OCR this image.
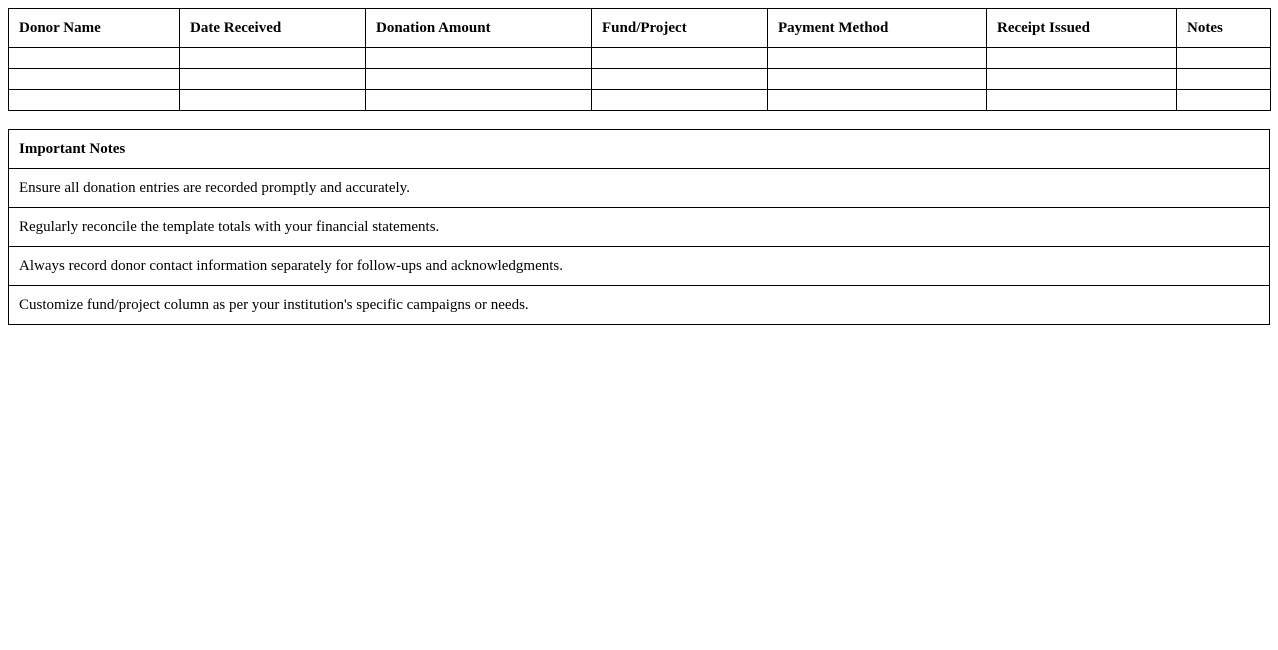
Donor Name	Date Received	Donation Amount	Fund/Project	Payment Method	Receipt Issued	Notes

Important Notes
Ensure all donation entries are recorded promptly and accurately.
Regularly reconcile the template totals with your financial statements.
Always record donor contact information separately for follow-ups and acknowledgments.
Customize fund/project column as per your institution's specific campaigns or needs.
